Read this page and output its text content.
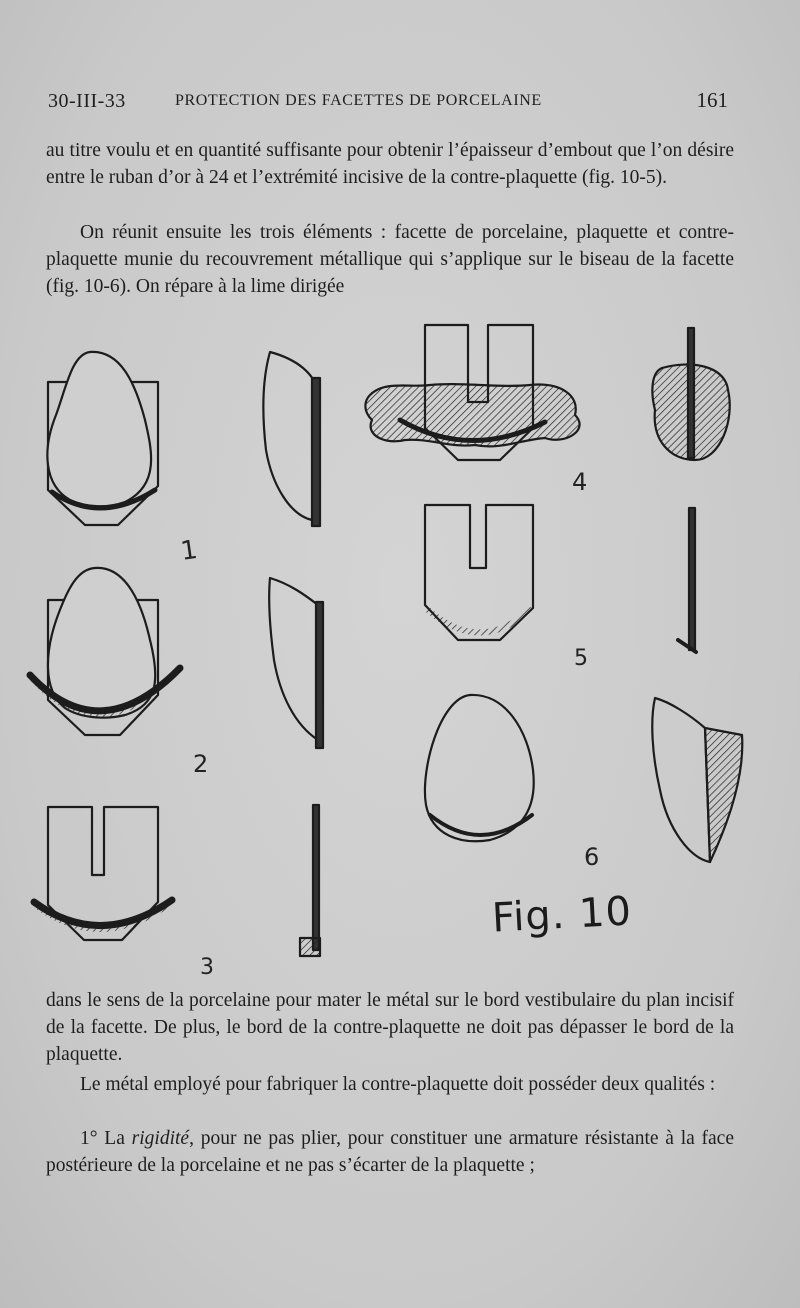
30-III-33	PROTECTION DES FACETTES DE PORCELAINE	161

au titre voulu et en quantité suffisante pour obtenir l’épaisseur d’embout que l’on désire entre le ruban d’or à 24 et l’extrémité incisive de la contre-plaquette (fig. 10-5).

On réunit ensuite les trois éléments : facette de porcelaine, plaquette et contre-plaquette munie du recouvrement métallique qui s’applique sur le biseau de la facette (fig. 10-6). On répare à la lime dirigée

1
2
3
4
5
6
Fig. 10

dans le sens de la porcelaine pour mater le métal sur le bord vestibulaire du plan incisif de la facette. De plus, le bord de la contre-plaquette ne doit pas dépasser le bord de la plaquette.

Le métal employé pour fabriquer la contre-plaquette doit posséder deux qualités :

1° La rigidité, pour ne pas plier, pour constituer une armature résistante à la face postérieure de la porcelaine et ne pas s’écarter de la plaquette ;
